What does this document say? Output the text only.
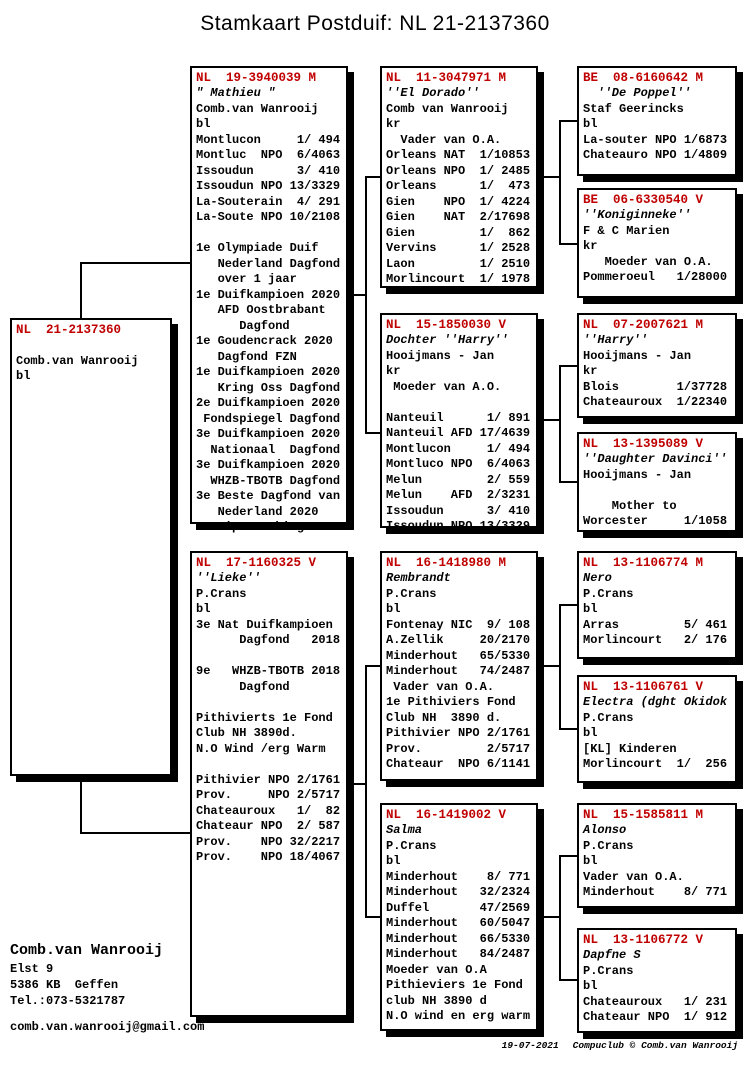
Stamkaart Postduif: NL 21-2137360
NL  21-2137360

Comb.van Wanrooij
bl
NL  19-3940039 M
" Mathieu "
Comb.van Wanrooij
bl
Montlucon     1/ 494
Montluc  NPO  6/4063
Issoudun      3/ 410
Issoudun NPO 13/3329
La-Souterain  4/ 291
La-Soute NPO 10/2108

1e Olympiade Duif
Nederland Dagfond
over 1 jaar
1e Duifkampioen 2020
AFD Oostbrabant
Dagfond
1e Goudencrack 2020
Dagfond FZN
1e Duifkampioen 2020
Kring Oss Dagfond
2e Duifkampioen 2020
Fondspiegel Dagfond
3e Duifkampioen 2020
Nationaal  Dagfond
3e Duifkampioen 2020
WHZB-TBOTB Dagfond
3e Beste Dagfond van
Nederland 2020
Pipa Ranking
NL  17-1160325 V
''Lieke''
P.Crans
bl
3e Nat Duifkampioen
Dagfond   2018

9e   WHZB-TBOTB 2018
Dagfond

Pithivierts 1e Fond
Club NH 3890d.
N.O Wind /erg Warm

Pithivier NPO 2/1761
Prov.     NPO 2/5717
Chateauroux   1/  82
Chateaur NPO  2/ 587
Prov.    NPO 32/2217
Prov.    NPO 18/4067
NL  11-3047971 M
''El Dorado''
Comb van Wanrooij
kr
Vader van O.A.
Orleans NAT  1/10853
Orleans NPO  1/ 2485
Orleans      1/  473
Gien    NPO  1/ 4224
Gien    NAT  2/17698
Gien         1/  862
Vervins      1/ 2528
Laon         1/ 2510
Morlincourt  1/ 1978
NL  15-1850030 V
Dochter ''Harry''
Hooijmans - Jan
kr
Moeder van A.O.

Nanteuil      1/ 891
Nanteuil AFD 17/4639
Montlucon     1/ 494
Montluco NPO  6/4063
Melun         2/ 559
Melun    AFD  2/3231
Issoudun      3/ 410
Issoudun NPO 13/3329
NL  16-1418980 M
Rembrandt
P.Crans
bl
Fontenay NIC  9/ 108
A.Zellik     20/2170
Minderhout   65/5330
Minderhout   74/2487
Vader van O.A.
1e Pithiviers Fond
Club NH  3890 d.
Pithivier NPO 2/1761
Prov.         2/5717
Chateaur  NPO 6/1141
NL  16-1419002 V
Salma
P.Crans
bl
Minderhout    8/ 771
Minderhout   32/2324
Duffel       47/2569
Minderhout   60/5047
Minderhout   66/5330
Minderhout   84/2487
Moeder van O.A
Pithieviers 1e Fond
club NH 3890 d
N.O wind en erg warm
BE  08-6160642 M
''De Poppel''
Staf Geerincks
bl
La-souter NPO 1/6873
Chateauro NPO 1/4809
BE  06-6330540 V
''Koniginneke''
F & C Marien
kr
Moeder van O.A.
Pommeroeul   1/28000
NL  07-2007621 M
''Harry''
Hooijmans - Jan
kr
Blois        1/37728
Chateauroux  1/22340
NL  13-1395089 V
''Daughter Davinci''
Hooijmans - Jan

Mother to
Worcester     1/1058
NL  13-1106774 M
Nero
P.Crans
bl
Arras         5/ 461
Morlincourt   2/ 176
NL  13-1106761 V
Electra (dght Okidok
P.Crans
bl
[KL] Kinderen
Morlincourt  1/  256
NL  15-1585811 M
Alonso
P.Crans
bl
Vader van O.A.
Minderhout    8/ 771
NL  13-1106772 V
Dapfne S
P.Crans
bl
Chateauroux   1/ 231
Chateaur NPO  1/ 912
Comb.van Wanrooij
Elst 9
5386 KB  Geffen
Tel.:073-5321787
comb.van.wanrooij@gmail.com
19-07-2021 Compuclub © Comb.van Wanrooij
